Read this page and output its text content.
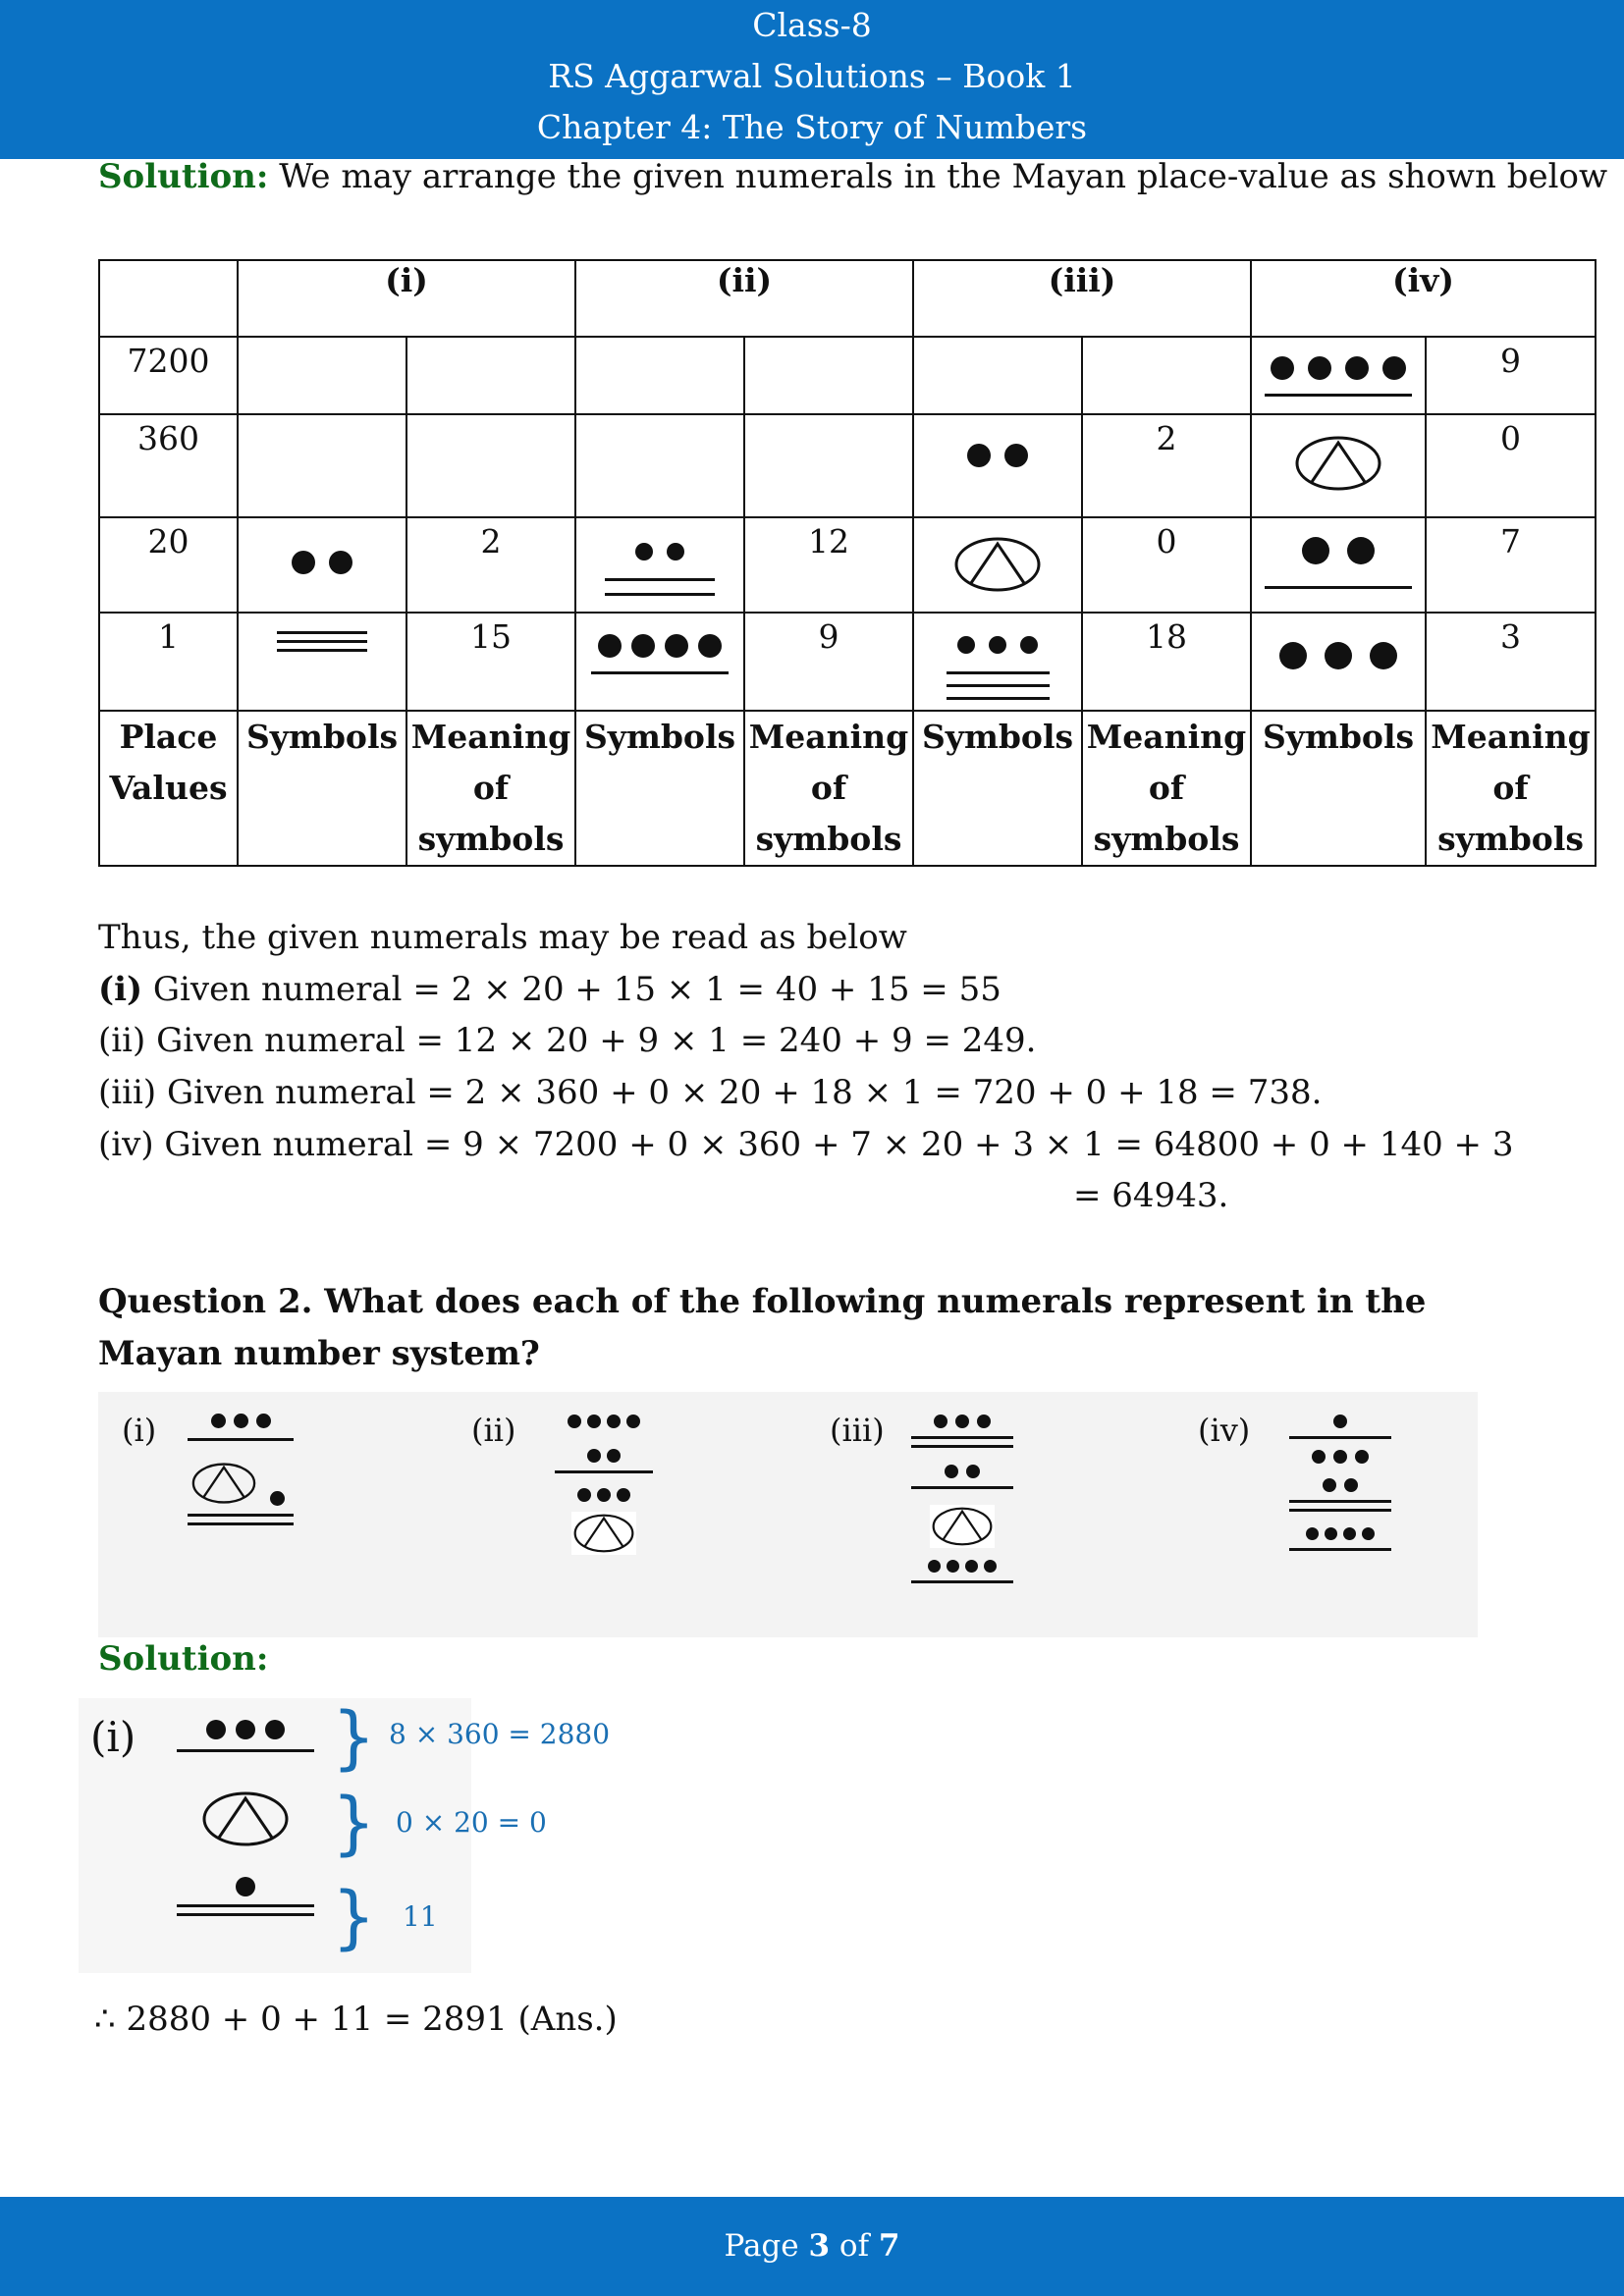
Class-8
RS Aggarwal Solutions – Book 1
Chapter 4: The Story of Numbers
Solution: We may arrange the given numerals in the Mayan place-value as shown below
	(i)		(ii)		(iii)		(iv)	
7200								9
360						2		0
20		2		12		0		7
1		15		9		18		3
Place Values	Symbols	Meaning of symbols	Symbols	Meaning of symbols	Symbols	Meaning of symbols	Symbols	Meaning of symbols
Thus, the given numerals may be read as below
(i) Given numeral = 2 × 20 + 15 × 1 = 40 + 15 = 55
(ii) Given numeral = 12 × 20 + 9 × 1 = 240 + 9 = 249.
(iii) Given numeral = 2 × 360 + 0 × 20 + 18 × 1 = 720 + 0 + 18 = 738.
(iv) Given numeral = 9 × 7200 + 0 × 360 + 7 × 20 + 3 × 1 = 64800 + 0 + 140 + 3
= 64943.
Question 2. What does each of the following numerals represent in the Mayan number system?
(i)
	(ii)	(iii)	(iv)
Solution:
(i)	}
}
}
8 × 360 = 2880
0 × 20 = 0
11
∴ 2880 + 0 + 11 = 2891 (Ans.)
Page 3 of 7
